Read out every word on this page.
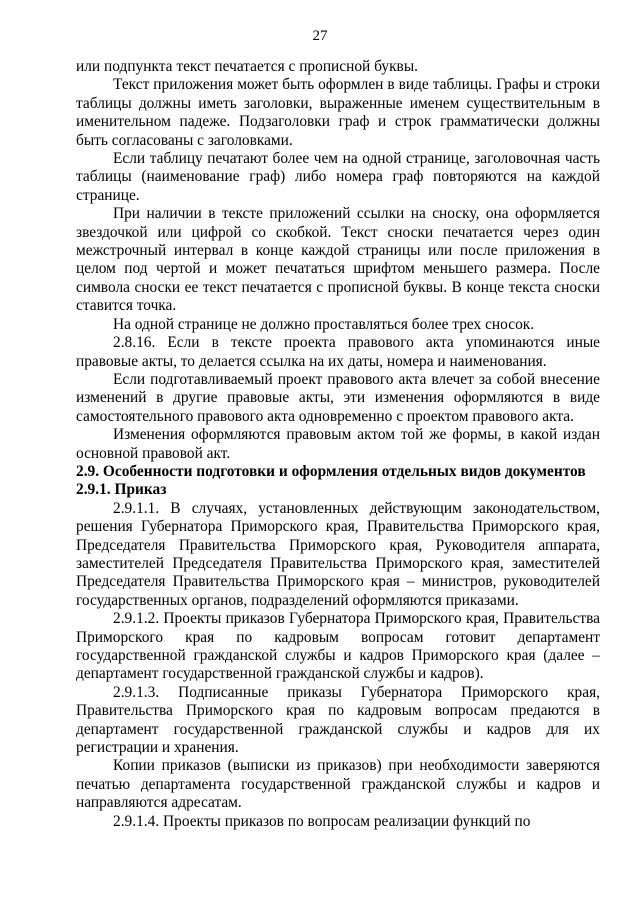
27

или подпункта текст печатается с прописной буквы.

Текст приложения может быть оформлен в виде таблицы. Графы и строки таблицы должны иметь заголовки, выраженные именем существительным в именительном падеже. Подзаголовки граф и строк грамматически должны быть согласованы с заголовками.

Если таблицу печатают более чем на одной странице, заголовочная часть таблицы (наименование граф) либо номера граф повторяются на каждой странице.

При наличии в тексте приложений ссылки на сноску, она оформляется звездочкой или цифрой со скобкой. Текст сноски печатается через один межстрочный интервал в конце каждой страницы или после приложения в целом под чертой и может печататься шрифтом меньшего размера. После символа сноски ее текст печатается с прописной буквы. В конце текста сноски ставится точка.

На одной странице не должно проставляться более трех сносок.

2.8.16. Если в тексте проекта правового акта упоминаются иные правовые акты, то делается ссылка на их даты, номера и наименования.

Если подготавливаемый проект правового акта влечет за собой внесение изменений в другие правовые акты, эти изменения оформляются в виде самостоятельного правового акта одновременно с проектом правового акта.

Изменения оформляются правовым актом той же формы, в какой издан основной правовой акт.

2.9. Особенности подготовки и оформления отдельных видов документов

2.9.1. Приказ

2.9.1.1. В случаях, установленных действующим законодательством, решения Губернатора Приморского края, Правительства Приморского края, Председателя Правительства Приморского края, Руководителя аппарата, заместителей Председателя Правительства Приморского края, заместителей Председателя Правительства Приморского края – министров, руководителей государственных органов, подразделений оформляются приказами.

2.9.1.2. Проекты приказов Губернатора Приморского края, Правительства Приморского края по кадровым вопросам готовит департамент государственной гражданской службы и кадров Приморского края (далее – департамент государственной гражданской службы и кадров).

2.9.1.3. Подписанные приказы Губернатора Приморского края, Правительства Приморского края по кадровым вопросам предаются в департамент государственной гражданской службы и кадров для их регистрации и хранения.

Копии приказов (выписки из приказов) при необходимости заверяются печатью департамента государственной гражданской службы и кадров и направляются адресатам.

2.9.1.4. Проекты приказов по вопросам реализации функций по
